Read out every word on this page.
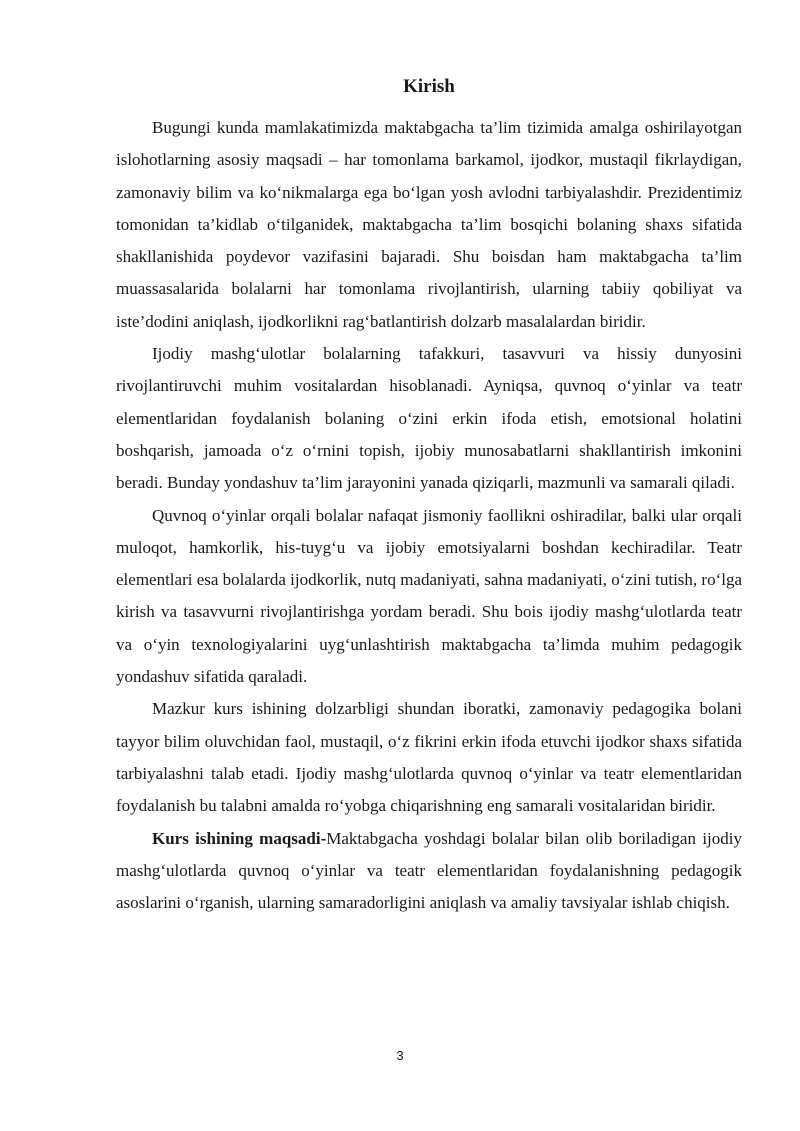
Kirish

Bugungi kunda mamlakatimizda maktabgacha ta’lim tizimida amalga oshirilayotgan islohotlarning asosiy maqsadi – har tomonlama barkamol, ijodkor, mustaqil fikrlaydigan, zamonaviy bilim va ko‘nikmalarga ega bo‘lgan yosh avlodni tarbiyalashdir. Prezidentimiz tomonidan ta’kidlab o‘tilganidek, maktabgacha ta’lim bosqichi bolaning shaxs sifatida shakllanishida poydevor vazifasini bajaradi. Shu boisdan ham maktabgacha ta’lim muassasalarida bolalarni har tomonlama rivojlantirish, ularning tabiiy qobiliyat va iste’dodini aniqlash, ijodkorlikni rag‘batlantirish dolzarb masalalardan biridir.

Ijodiy mashg‘ulotlar bolalarning tafakkuri, tasavvuri va hissiy dunyosini rivojlantiruvchi muhim vositalardan hisoblanadi. Ayniqsa, quvnoq o‘yinlar va teatr elementlaridan foydalanish bolaning o‘zini erkin ifoda etish, emotsional holatini boshqarish, jamoada o‘z o‘rnini topish, ijobiy munosabatlarni shakllantirish imkonini beradi. Bunday yondashuv ta’lim jarayonini yanada qiziqarli, mazmunli va samarali qiladi.

Quvnoq o‘yinlar orqali bolalar nafaqat jismoniy faollikni oshiradilar, balki ular orqali muloqot, hamkorlik, his-tuyg‘u va ijobiy emotsiyalarni boshdan kechiradilar. Teatr elementlari esa bolalarda ijodkorlik, nutq madaniyati, sahna madaniyati, o‘zini tutish, ro‘lga kirish va tasavvurni rivojlantirishga yordam beradi. Shu bois ijodiy mashg‘ulotlarda teatr va o‘yin texnologiyalarini uyg‘unlashtirish maktabgacha ta’limda muhim pedagogik yondashuv sifatida qaraladi.

Mazkur kurs ishining dolzarbligi shundan iboratki, zamonaviy pedagogika bolani tayyor bilim oluvchidan faol, mustaqil, o‘z fikrini erkin ifoda etuvchi ijodkor shaxs sifatida tarbiyalashni talab etadi. Ijodiy mashg‘ulotlarda quvnoq o‘yinlar va teatr elementlaridan foydalanish bu talabni amalda ro‘yobga chiqarishning eng samarali vositalaridan biridir.

Kurs ishining maqsadi-Maktabgacha yoshdagi bolalar bilan olib boriladigan ijodiy mashg‘ulotlarda quvnoq o‘yinlar va teatr elementlaridan foydalanishning pedagogik asoslarini o‘rganish, ularning samaradorligini aniqlash va amaliy tavsiyalar ishlab chiqish.

3
